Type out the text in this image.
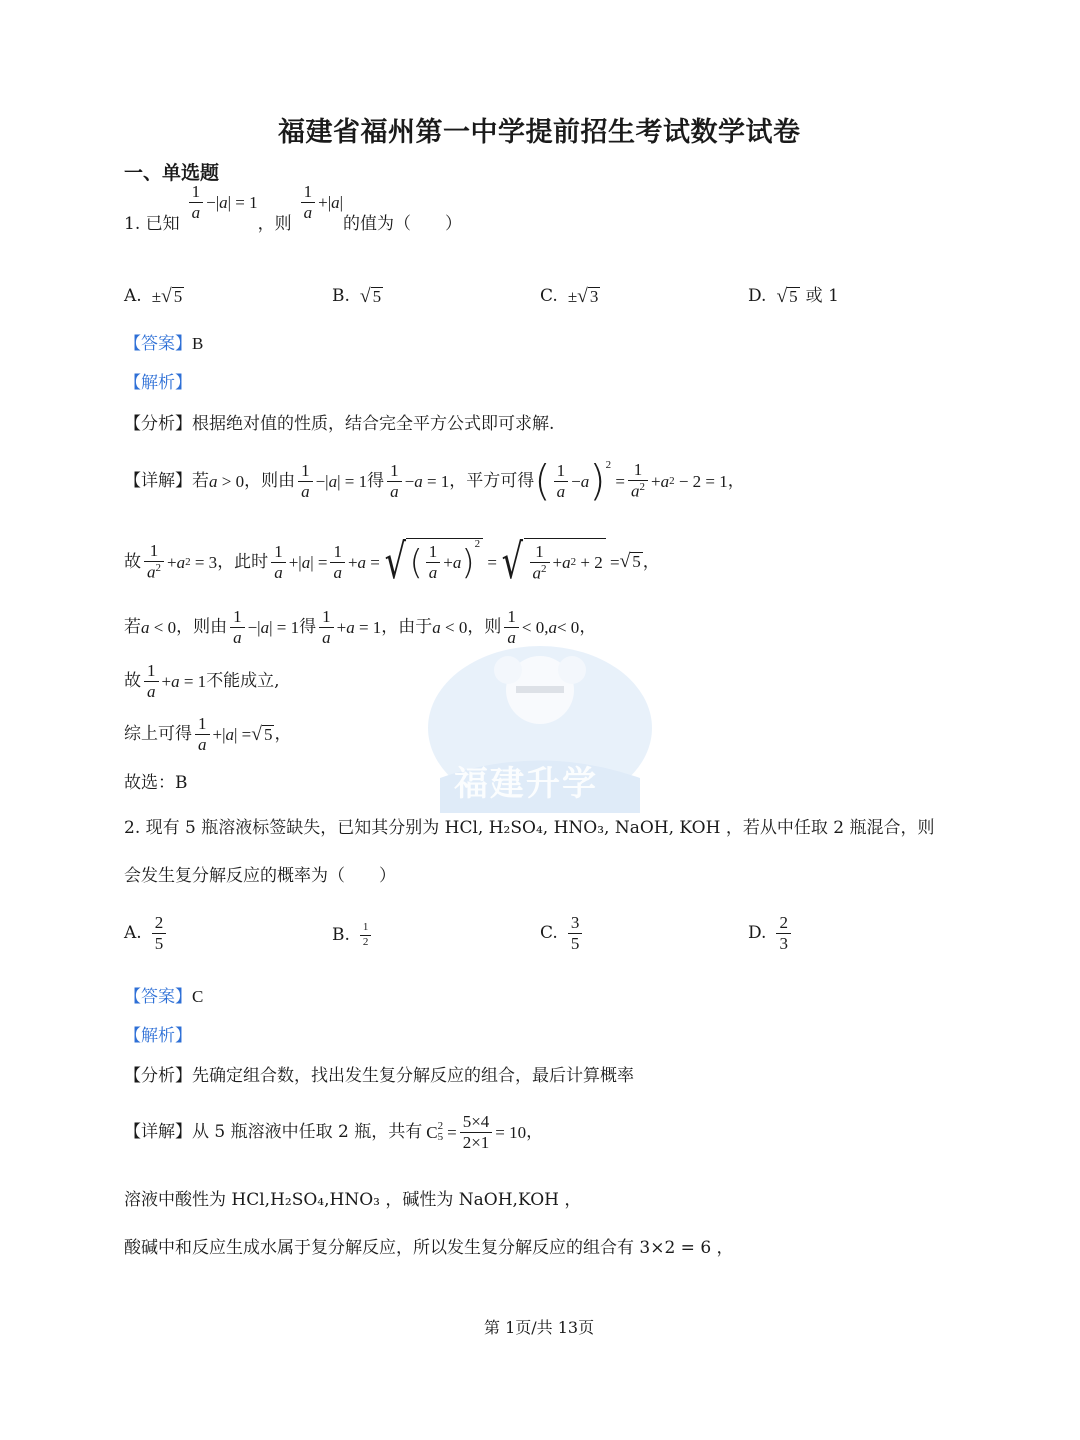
福建省福州第一中学提前招生考试数学试卷
一、单选题
福建升学
1. 已知
$\frac{1}{a}$ −| a | = 1
，则
$\frac{1}{a}$ +| a |
的值为（　　）
A. ± √ 5	B. √ 5	C. ± √ 3	D. √ 5 或 1
【答案】B
【解析】
【分析】根据绝对值的性质，结合完全平方公式即可求解.
【详解】 若 a > 0 ，则由 $\frac{1}{a}$ −| a | = 1 得 $\frac{1}{a} - a = 1$ ，平方可得 ( $\frac{1}{a} - a$ )$^2$
= $\frac{1}{a^2} + a$ 2 − 2 = 1 ，
故 $\frac{1}{a^2} + a$ 2 = 3 ，此时 $\frac{1}{a}$ +| a | = $\frac{1}{a} + a$ = √ ( $\frac{1}{a} + a$ )$^2$
= √ $\frac{1}{a^2} + a$ 2 + 2 = √ 5 ，
若 a < 0 ，则由 $\frac{1}{a}$ −| a | = 1 得 $\frac{1}{a} + a = 1$ ，由于 a < 0 ，则 $\frac{1}{a} < 0$, a < 0 ，
故 $\frac{1}{a} + a = 1$ 不能成立,
综上可得 $\frac{1}{a}$ +| a | = √ 5 ，
故选：B
2. 现有 5 瓶溶液标签缺失，已知其分别为 HCl, H₂SO₄, HNO₃, NaOH, KOH ，若从中任取 2 瓶混合，则
会发生复分解反应的概率为（　　）
A. $\frac{2}{5}$	B. $\frac{1}{2}$	C. $\frac{3}{5}$	D. $\frac{2}{3}$
【答案】C
【解析】
【分析】先确定组合数，找出发生复分解反应的组合，最后计算概率
【详解】 从 5 瓶溶液中任取 2 瓶，共有 C 2
$5 = \frac{5\times 4}{2\times 1} = 10$ ，
溶液中酸性为 HCl,H₂SO₄,HNO₃ ，碱性为 NaOH,KOH ，
酸碱中和反应生成水属于复分解反应，所以发生复分解反应的组合有 3×2 = 6 ，
第 1页/共 13页
